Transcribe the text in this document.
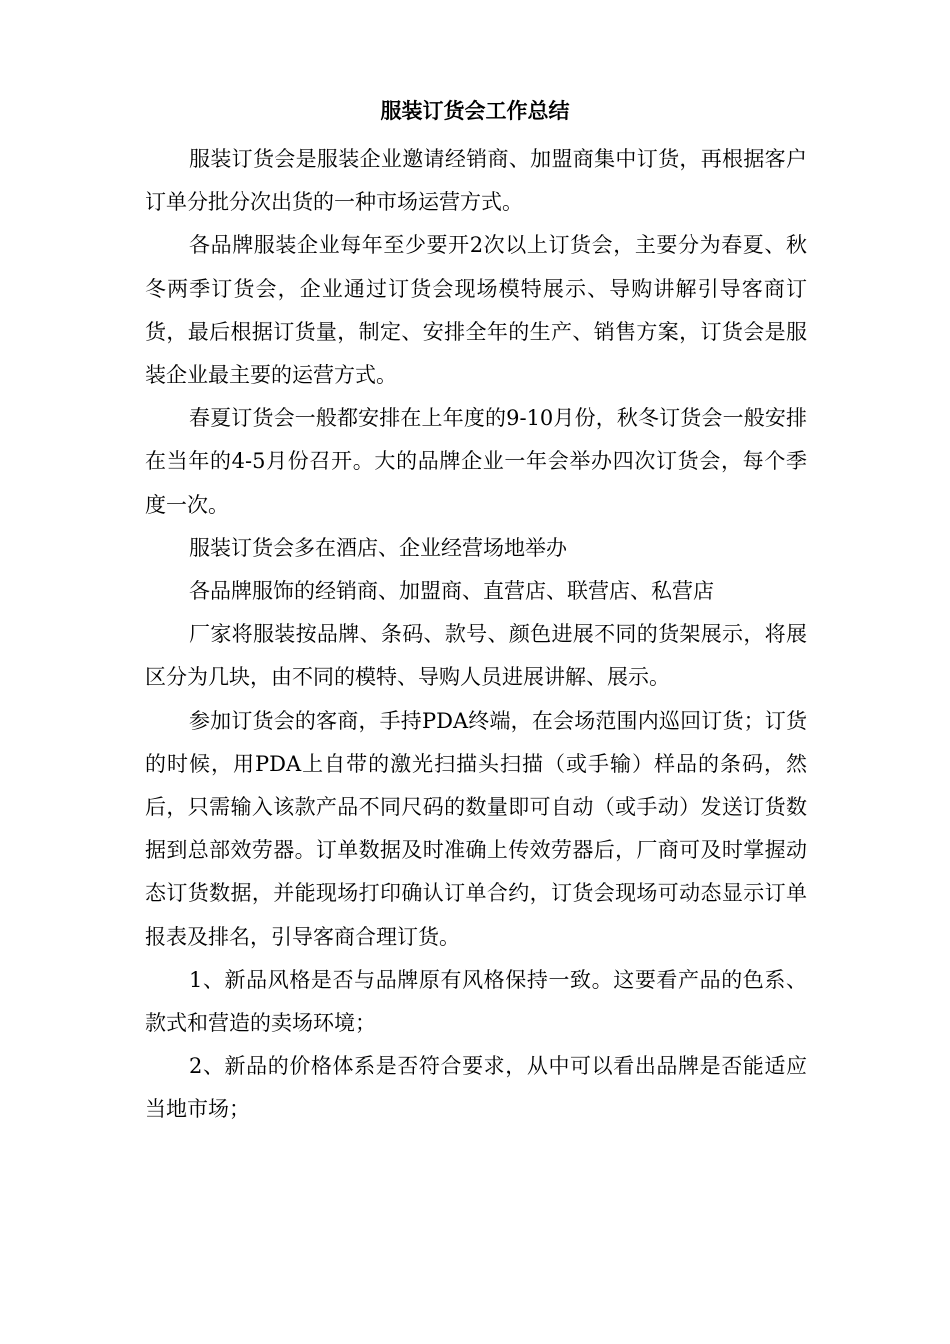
服装订货会工作总结

服装订货会是服装企业邀请经销商、加盟商集中订货，再根据客户订单分批分次出货的一种市场运营方式。

各品牌服装企业每年至少要开2次以上订货会，主要分为春夏、秋冬两季订货会，企业通过订货会现场模特展示、导购讲解引导客商订货，最后根据订货量，制定、安排全年的生产、销售方案，订货会是服装企业最主要的运营方式。

春夏订货会一般都安排在上年度的9-10月份，秋冬订货会一般安排在当年的4-5月份召开。大的品牌企业一年会举办四次订货会，每个季度一次。

服装订货会多在酒店、企业经营场地举办

各品牌服饰的经销商、加盟商、直营店、联营店、私营店

厂家将服装按品牌、条码、款号、颜色进展不同的货架展示，将展区分为几块，由不同的模特、导购人员进展讲解、展示。

参加订货会的客商，手持PDA终端，在会场范围内巡回订货；订货的时候，用PDA上自带的激光扫描头扫描（或手输）样品的条码，然后，只需输入该款产品不同尺码的数量即可自动（或手动）发送订货数据到总部效劳器。订单数据及时准确上传效劳器后，厂商可及时掌握动态订货数据，并能现场打印确认订单合约，订货会现场可动态显示订单报表及排名，引导客商合理订货。

1、新品风格是否与品牌原有风格保持一致。这要看产品的色系、款式和营造的卖场环境；

2、新品的价格体系是否符合要求，从中可以看出品牌是否能适应当地市场；
